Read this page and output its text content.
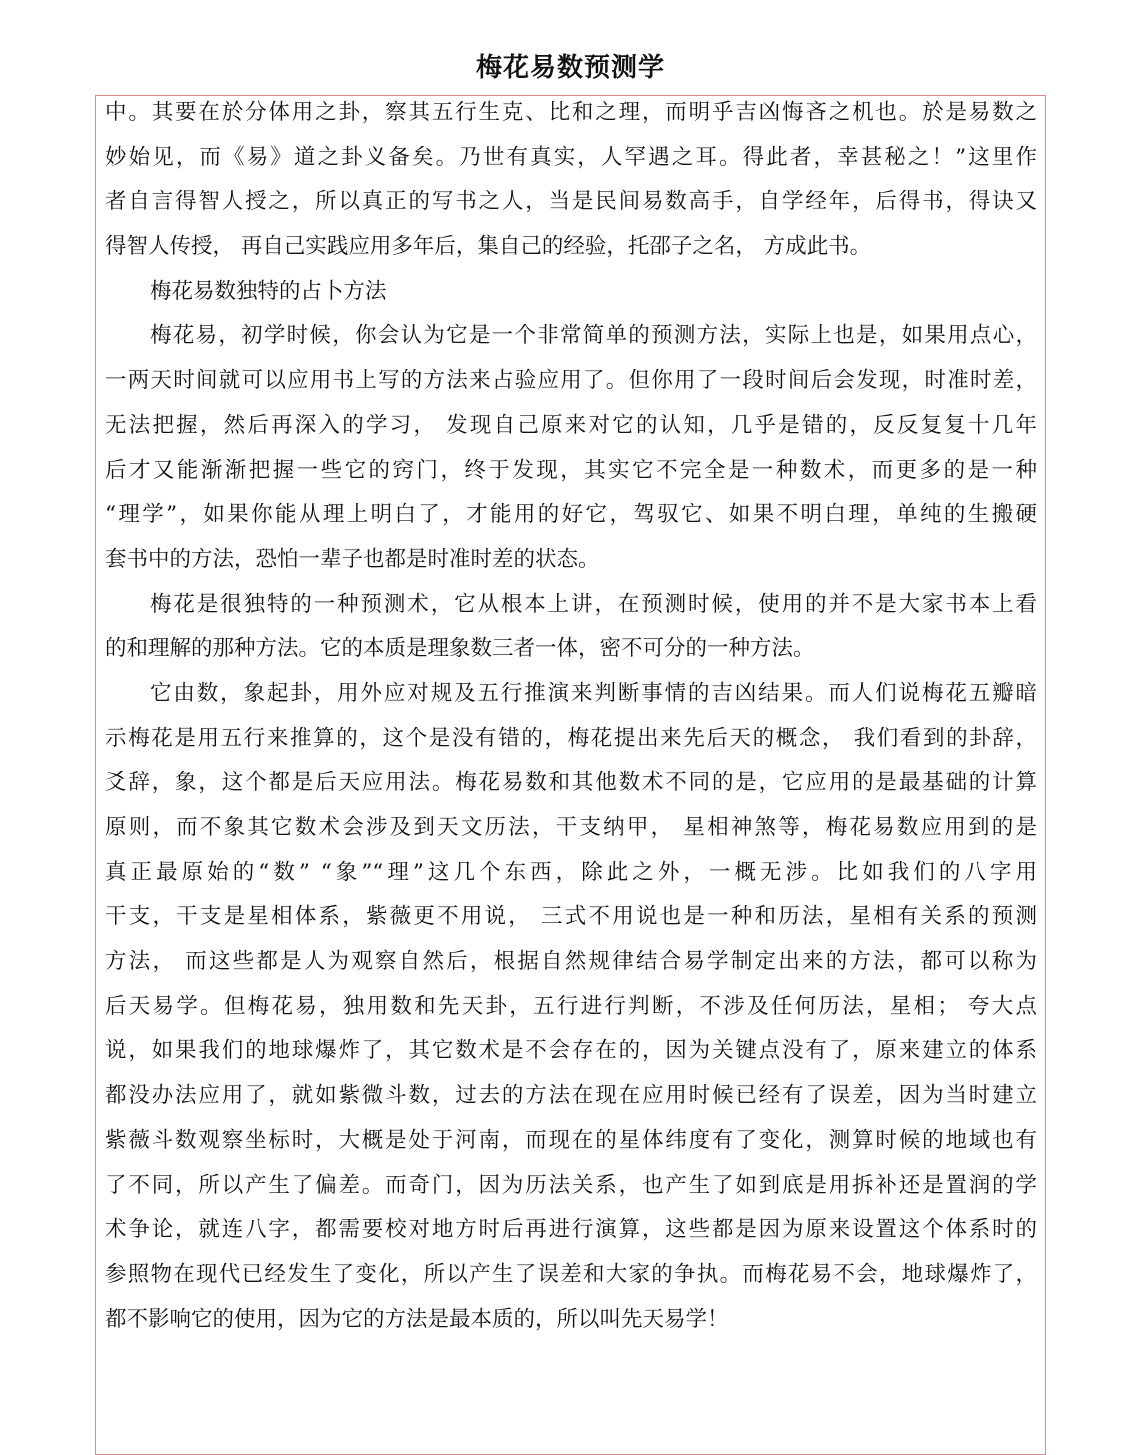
梅花易数预测学
中。其要在於分体用之卦，察其五行生克、比和之理，而明乎吉凶悔吝之机也。於是易数之
妙始见，而《易》道之卦义备矣。乃世有真实，人罕遇之耳。得此者，幸甚秘之！”这里作
者自言得智人授之，所以真正的写书之人，当是民间易数高手，自学经年，后得书，得诀又
得智人传授， 再自己实践应用多年后，集自己的经验，托邵子之名， 方成此书。
梅花易数独特的占卜方法
梅花易，初学时候，你会认为它是一个非常简单的预测方法，实际上也是，如果用点心，
一两天时间就可以应用书上写的方法来占验应用了。但你用了一段时间后会发现，时准时差，
无法把握，然后再深入的学习， 发现自己原来对它的认知，几乎是错的，反反复复十几年
后才又能渐渐把握一些它的窍门，终于发现，其实它不完全是一种数术，而更多的是一种
“理学”，如果你能从理上明白了，才能用的好它，驾驭它、如果不明白理，单纯的生搬硬
套书中的方法，恐怕一辈子也都是时准时差的状态。
梅花是很独特的一种预测术，它从根本上讲，在预测时候，使用的并不是大家书本上看
的和理解的那种方法。它的本质是理象数三者一体，密不可分的一种方法。
它由数，象起卦，用外应对规及五行推演来判断事情的吉凶结果。而人们说梅花五瓣暗
示梅花是用五行来推算的，这个是没有错的，梅花提出来先后天的概念， 我们看到的卦辞，
爻辞，象，这个都是后天应用法。梅花易数和其他数术不同的是，它应用的是最基础的计算
原则，而不象其它数术会涉及到天文历法，干支纳甲， 星相神煞等，梅花易数应用到的是
真正最原始的“数” “象”“理”这几个东西，除此之外，一概无涉。比如我们的八字用
干支，干支是星相体系，紫薇更不用说， 三式不用说也是一种和历法，星相有关系的预测
方法， 而这些都是人为观察自然后，根据自然规律结合易学制定出来的方法，都可以称为
后天易学。但梅花易，独用数和先天卦，五行进行判断，不涉及任何历法，星相； 夸大点
说，如果我们的地球爆炸了，其它数术是不会存在的，因为关键点没有了，原来建立的体系
都没办法应用了，就如紫微斗数，过去的方法在现在应用时候已经有了误差，因为当时建立
紫薇斗数观察坐标时，大概是处于河南，而现在的星体纬度有了变化，测算时候的地域也有
了不同，所以产生了偏差。而奇门，因为历法关系，也产生了如到底是用拆补还是置润的学
术争论，就连八字，都需要校对地方时后再进行演算，这些都是因为原来设置这个体系时的
参照物在现代已经发生了变化，所以产生了误差和大家的争执。而梅花易不会，地球爆炸了，
都不影响它的使用，因为它的方法是最本质的，所以叫先天易学！
